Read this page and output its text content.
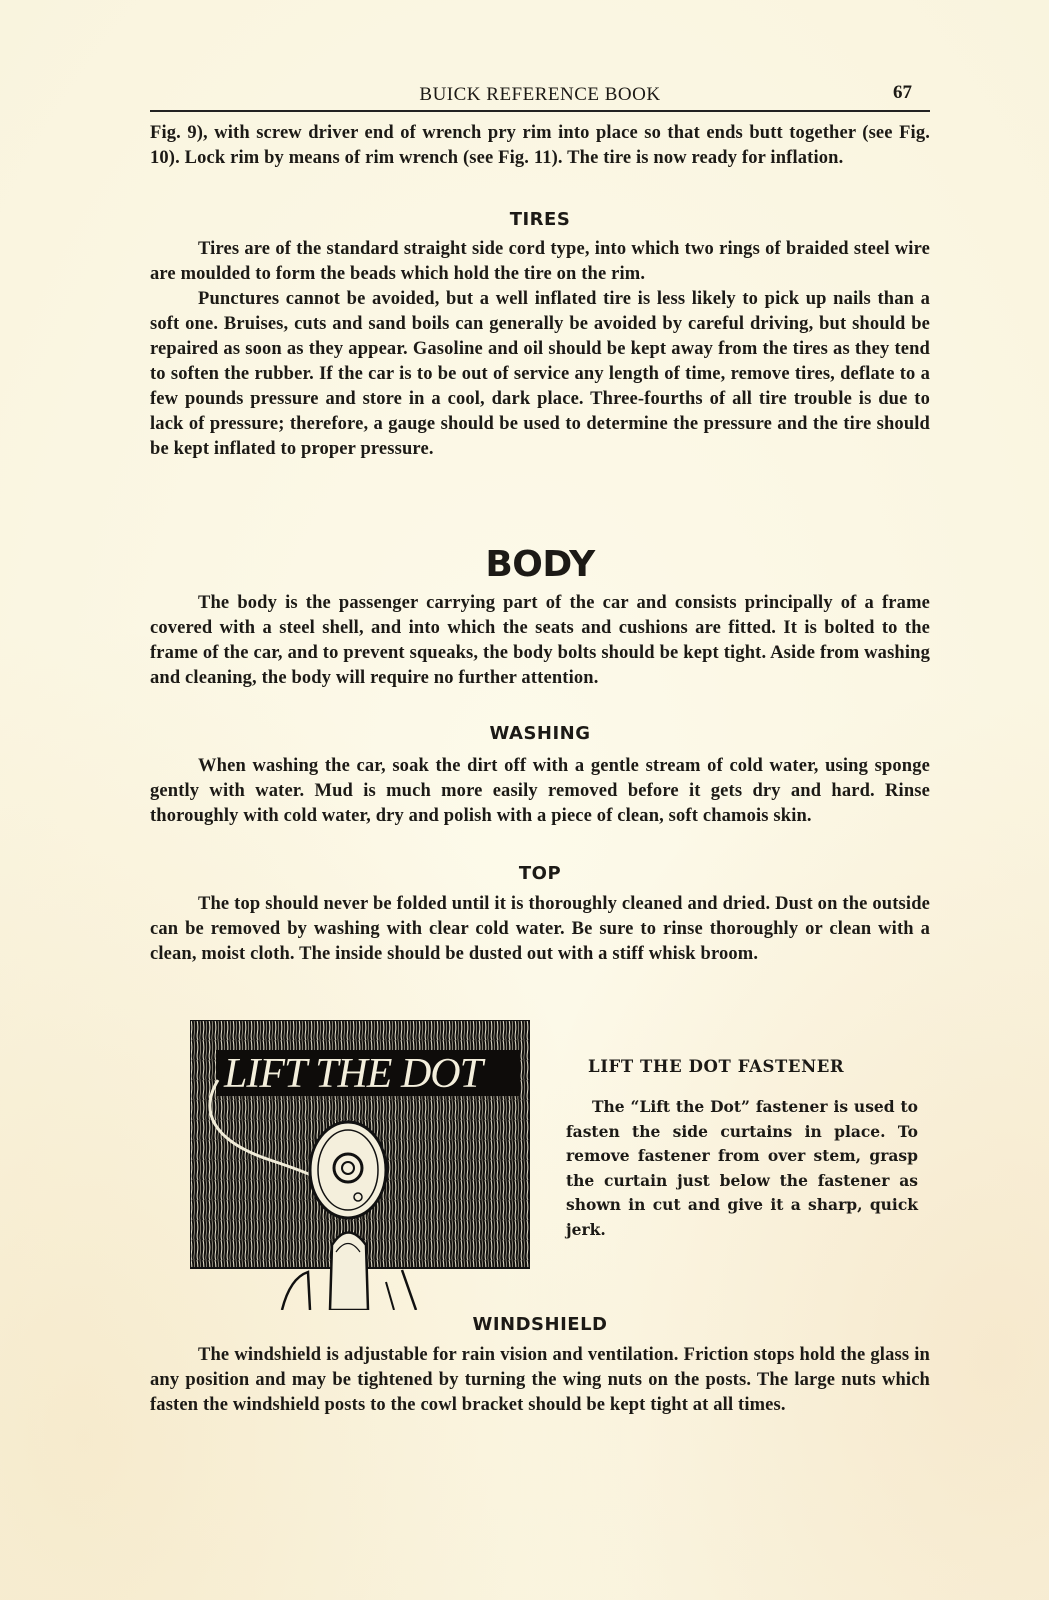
BUICK REFERENCE BOOK	67

Fig. 9), with screw driver end of wrench pry rim into place so that ends butt together (see Fig. 10). Lock rim by means of rim wrench (see Fig. 11). The tire is now ready for inflation.

TIRES

Tires are of the standard straight side cord type, into which two rings of braided steel wire are moulded to form the beads which hold the tire on the rim.

Punctures cannot be avoided, but a well inflated tire is less likely to pick up nails than a soft one. Bruises, cuts and sand boils can generally be avoided by careful driving, but should be repaired as soon as they appear. Gasoline and oil should be kept away from the tires as they tend to soften the rubber. If the car is to be out of service any length of time, remove tires, deflate to a few pounds pressure and store in a cool, dark place. Three-fourths of all tire trouble is due to lack of pressure; therefore, a gauge should be used to determine the pressure and the tire should be kept inflated to proper pressure.

BODY

The body is the passenger carrying part of the car and consists principally of a frame covered with a steel shell, and into which the seats and cushions are fitted. It is bolted to the frame of the car, and to prevent squeaks, the body bolts should be kept tight. Aside from washing and cleaning, the body will require no further attention.

WASHING

When washing the car, soak the dirt off with a gentle stream of cold water, using sponge gently with water. Mud is much more easily removed before it gets dry and hard. Rinse thoroughly with cold water, dry and polish with a piece of clean, soft chamois skin.

TOP

The top should never be folded until it is thoroughly cleaned and dried. Dust on the outside can be removed by washing with clear cold water. Be sure to rinse thoroughly or clean with a clean, moist cloth. The inside should be dusted out with a stiff whisk broom.

LIFT THE DOT	LIFT THE DOT FASTENER

The “Lift the Dot” fastener is used to fasten the side curtains in place. To remove fastener from over stem, grasp the curtain just below the fastener as shown in cut and give it a sharp, quick jerk.

WINDSHIELD

The windshield is adjustable for rain vision and ventilation. Friction stops hold the glass in any position and may be tightened by turning the wing nuts on the posts. The large nuts which fasten the windshield posts to the cowl bracket should be kept tight at all times.
